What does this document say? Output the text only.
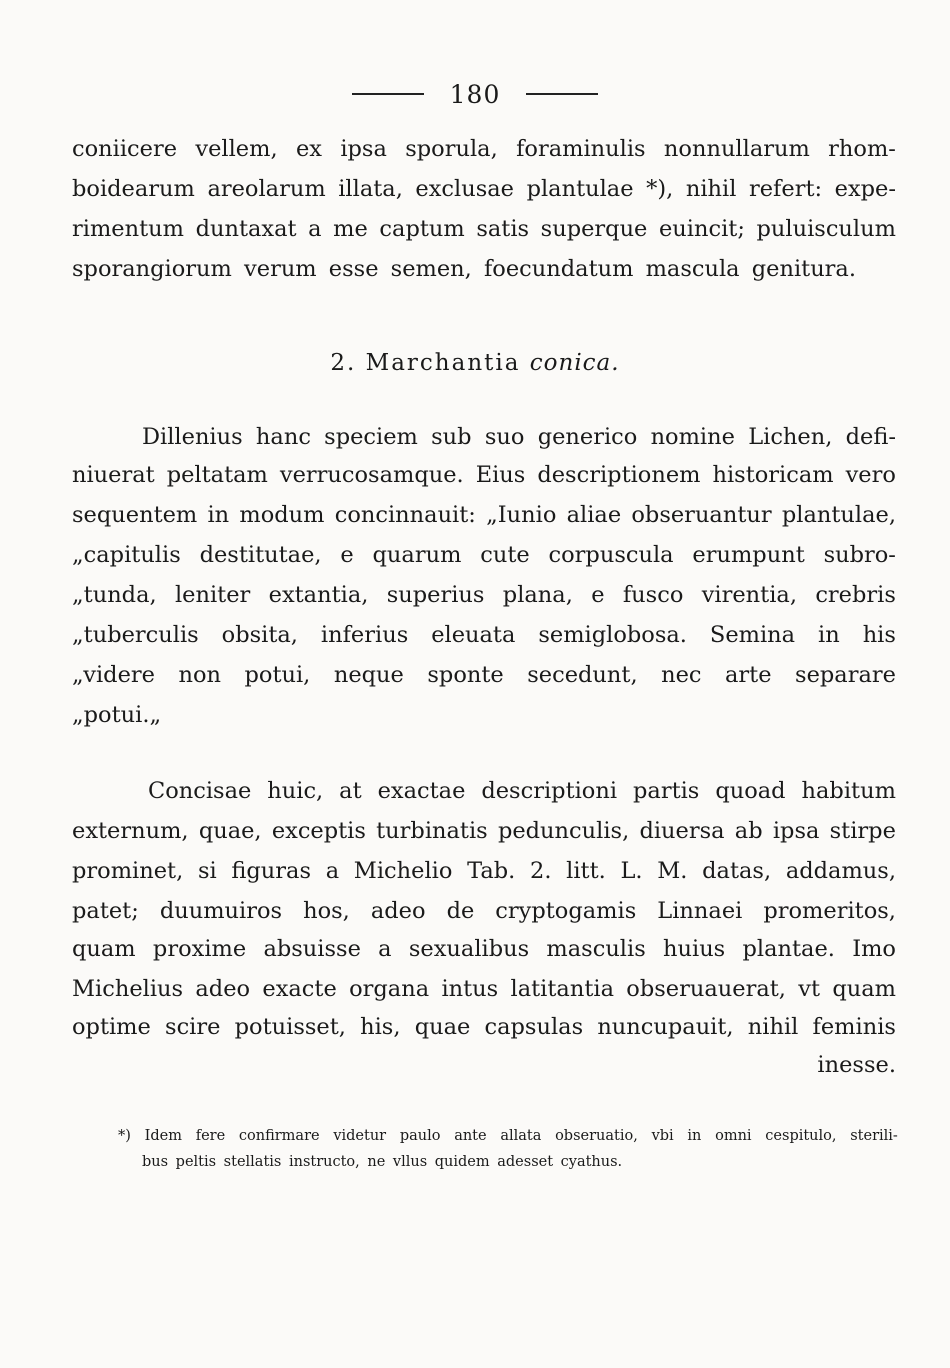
180
coniicere vellem, ex ipsa sporula, foraminulis nonnullarum rhom-
boidearum areolarum illata, exclusae plantulae *), nihil refert: expe-
rimentum duntaxat a me captum satis superque euincit; puluisculum
sporangiorum verum esse semen, foecundatum mascula genitura.
2. Marchantia conica.
Dillenius hanc speciem sub suo generico nomine Lichen, defi-
niuerat peltatam verrucosamque. Eius descriptionem historicam vero
sequentem in modum concinnauit: „Iunio aliae obseruantur plantulae,
„capitulis destitutae, e quarum cute corpuscula erumpunt subro-
„tunda, leniter extantia, superius plana, e fusco virentia, crebris
„tuberculis obsita, inferius eleuata semiglobosa. Semina in his
„videre non potui, neque sponte secedunt, nec arte separare
„potui.„
Concisae huic, at exactae descriptioni partis quoad habitum
externum, quae, exceptis turbinatis pedunculis, diuersa ab ipsa stirpe
prominet, si figuras a Michelio Tab. 2. litt. L. M. datas, addamus,
patet; duumuiros hos, adeo de cryptogamis Linnaei promeritos,
quam proxime absuisse a sexualibus masculis huius plantae. Imo
Michelius adeo exacte organa intus latitantia obseruauerat, vt quam
optime scire potuisset, his, quae capsulas nuncupauit, nihil feminis
inesse.
*) Idem fere confirmare videtur paulo ante allata obseruatio, vbi in omni cespitulo, sterili-
bus peltis stellatis instructo, ne vllus quidem adesset cyathus.
